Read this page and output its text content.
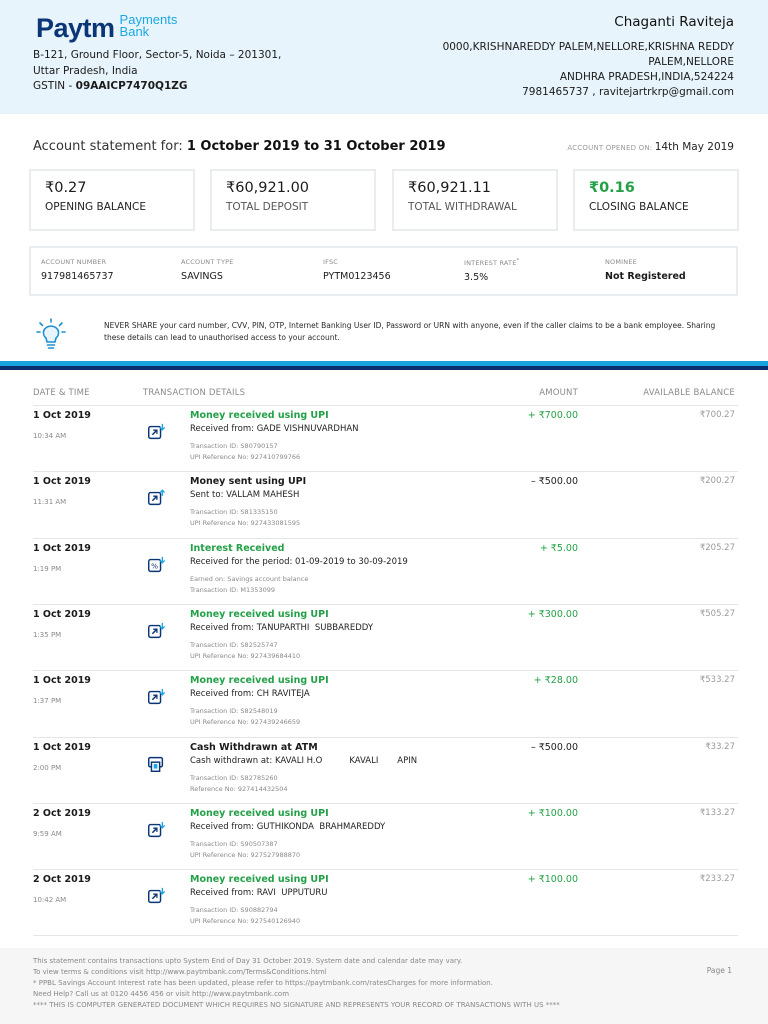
Paytm Payments
Bank
B-121, Ground Floor, Sector-5, Noida – 201301,
Uttar Pradesh, India
GSTIN - 09AAICP7470Q1ZG
Chaganti Raviteja
0000,KRISHNAREDDY PALEM,NELLORE,KRISHNA REDDY
PALEM,NELLORE
ANDHRA PRADESH,INDIA,524224
7981465737 , ravitejartrkrp@gmail.com
Account statement for: 1 October 2019 to 31 October 2019	ACCOUNT OPENED ON: 14th May 2019
₹0.27
OPENING BALANCE
₹60,921.00
TOTAL DEPOSIT
₹60,921.11
TOTAL WITHDRAWAL
₹0.16
CLOSING BALANCE
ACCOUNT NUMBER
917981465737
ACCOUNT TYPE
SAVINGS
IFSC
PYTM0123456
INTEREST RATE*
3.5%
NOMINEE
Not Registered
NEVER SHARE your card number, CVV, PIN, OTP, Internet Banking User ID, Password or URN with anyone, even if the caller claims to be a bank employee. Sharing these details can lead to unauthorised access to your account.
DATE & TIME	TRANSACTION DETAILS	AMOUNT	AVAILABLE BALANCE
1 Oct 2019
10:34 AM
Money received using UPI
Received from: GADE VISHNUVARDHAN
Transaction ID: S80790157
UPI Reference No: 927410799766
+ ₹700.00	₹700.27
1 Oct 2019
11:31 AM
Money sent using UPI
Sent to: VALLAM MAHESH
Transaction ID: S81335150
UPI Reference No: 927433081595
– ₹500.00	₹200.27
1 Oct 2019
1:19 PM	%
Interest Received
Received for the period: 01-09-2019 to 30-09-2019
Earned on: Savings account balance
Transaction ID: M1353099
+ ₹5.00	₹205.27
1 Oct 2019
1:35 PM
Money received using UPI
Received from: TANUPARTHI  SUBBAREDDY
Transaction ID: S82525747
UPI Reference No: 927439684410
+ ₹300.00	₹505.27
1 Oct 2019
1:37 PM
Money received using UPI
Received from: CH RAVITEJA
Transaction ID: S82548019
UPI Reference No: 927439246659
+ ₹28.00	₹533.27
1 Oct 2019
2:00 PM
Cash Withdrawn at ATM
Cash withdrawn at: KAVALI H.O          KAVALI       APIN
Transaction ID: S82785260
Reference No: 927414432504
– ₹500.00	₹33.27
2 Oct 2019
9:59 AM
Money received using UPI
Received from: GUTHIKONDA  BRAHMAREDDY
Transaction ID: S90507387
UPI Reference No: 927527988870
+ ₹100.00	₹133.27
2 Oct 2019
10:42 AM
Money received using UPI
Received from: RAVI  UPPUTURU
Transaction ID: S90882794
UPI Reference No: 927540126940
+ ₹100.00	₹233.27
This statement contains transactions upto System End of Day 31 October 2019. System date and calendar date may vary.
To view terms & conditions visit http://www.paytmbank.com/Terms&Conditions.html
* PPBL Savings Account Interest rate has been updated, please refer to https://paytmbank.com/ratesCharges for more information.
Need Help? Call us at 0120 4456 456 or visit http://www.paytmbank.com
**** THIS IS COMPUTER GENERATED DOCUMENT WHICH REQUIRES NO SIGNATURE AND REPRESENTS YOUR RECORD OF TRANSACTIONS WITH US ****
Page 1
